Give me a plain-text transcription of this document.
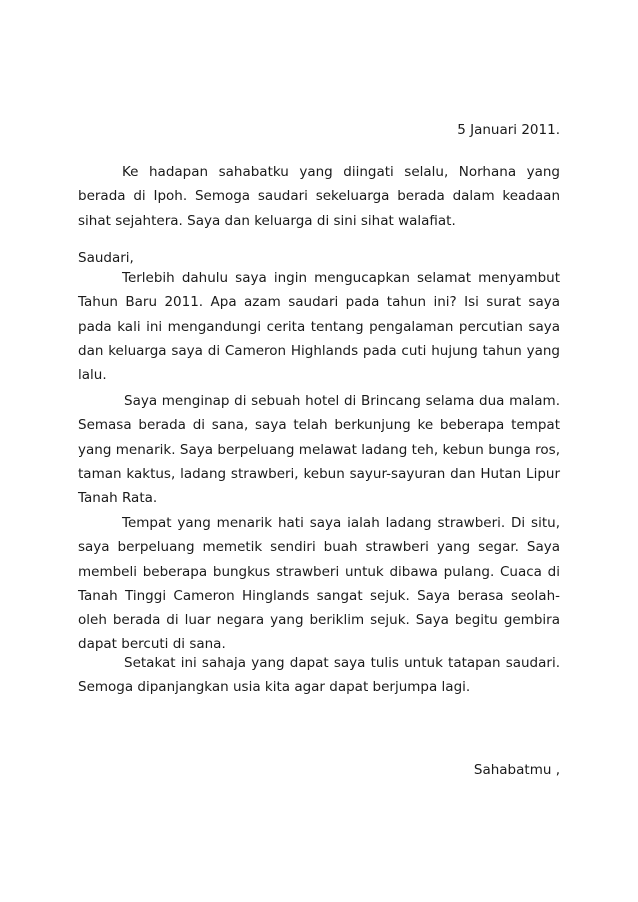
5 Januari 2011.
Ke hadapan sahabatku yang diingati selalu, Norhana yang berada di Ipoh. Semoga saudari sekeluarga berada dalam keadaan sihat sejahtera. Saya dan keluarga di sini sihat walafiat.
Saudari,
Terlebih dahulu saya ingin mengucapkan selamat menyambut Tahun Baru 2011. Apa azam saudari pada tahun ini? Isi surat saya pada kali ini mengandungi cerita tentang pengalaman percutian saya dan keluarga saya di Cameron Highlands pada cuti hujung tahun yang lalu.
Saya menginap di sebuah hotel di Brincang selama dua malam. Semasa berada di sana, saya telah berkunjung ke beberapa tempat yang menarik. Saya berpeluang melawat ladang teh, kebun bunga ros, taman kaktus, ladang strawberi, kebun sayur-sayuran dan Hutan Lipur Tanah Rata.
Tempat yang menarik hati saya ialah ladang strawberi. Di situ, saya berpeluang memetik sendiri buah strawberi yang segar. Saya membeli beberapa bungkus strawberi untuk dibawa pulang. Cuaca di Tanah Tinggi Cameron Hinglands sangat sejuk. Saya berasa seolah-oleh berada di luar negara yang beriklim sejuk. Saya begitu gembira dapat bercuti di sana.
Setakat ini sahaja yang dapat saya tulis untuk tatapan saudari. Semoga dipanjangkan usia kita agar dapat berjumpa lagi.
Sahabatmu ,
